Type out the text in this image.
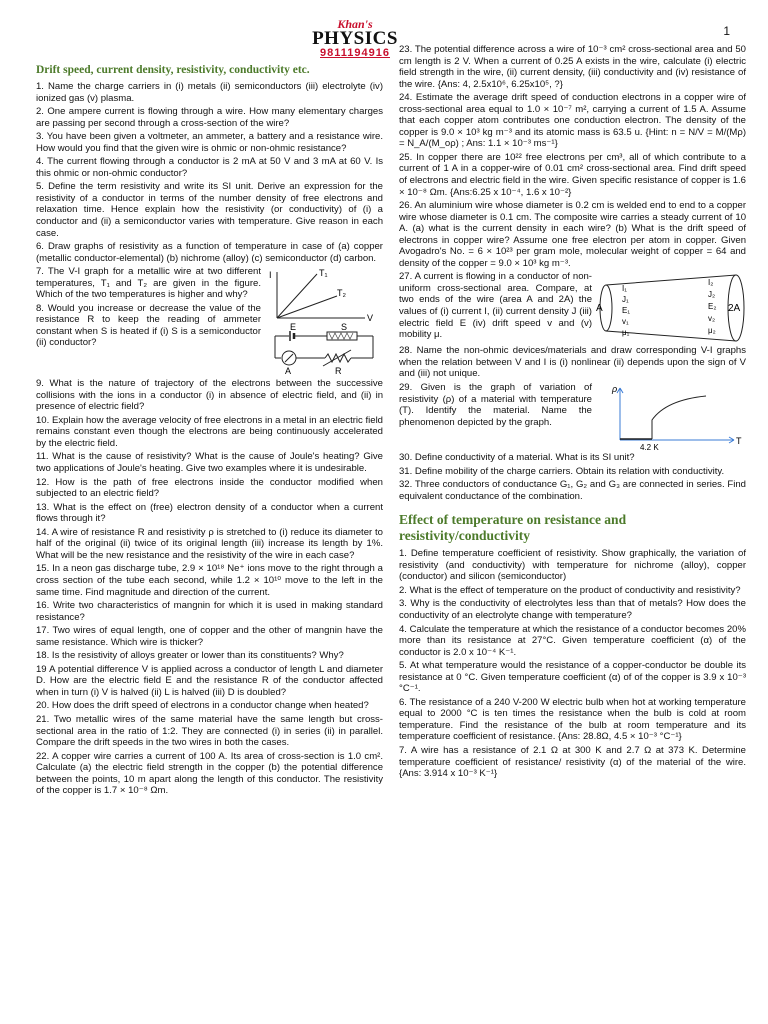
Khan's
PHYSICS
9811194916
1
Drift speed, current density, resistivity, conductivity etc.

1. Name the charge carriers in (i) metals (ii) semiconductors (iii) electrolyte (iv) ionized gas (v) plasma.

2. One ampere current is flowing through a wire. How many elementary charges are passing per second through a cross-section of the wire?

3. You have been given a voltmeter, an ammeter, a battery and a resistance wire. How would you find that the given wire is ohmic or non-ohmic resistance?

4. The current flowing through a conductor is 2 mA at 50 V and 3 mA at 60 V. Is this ohmic or non-ohmic conductor?

5. Define the term resistivity and write its SI unit. Derive an expression for the resistivity of a conductor in terms of the number density of free electrons and relaxation time. Hence explain how the resistivity (or conductivity) of (i) a conductor and (ii) a semiconductor varies with temperature. Give reason in each case.

6. Draw graphs of resistivity as a function of temperature in case of (a) copper (metallic conductor-elemental) (b) nichrome (alloy) (c) semiconductor (d) carbon.

7. The V-I graph for a metallic wire at two different temperatures, T₁ and T₂ are given in the figure. Which of the two temperatures is higher and why?

8. Would you increase or decrease the value of the resistance R to keep the reading of ammeter constant when S is heated if (i) S is a semiconductor (ii) conductor?

I	T₁
T₂
V
E	S
A	R

9. What is the nature of trajectory of the electrons between the successive collisions with the ions in a conductor (i) in absence of electric field, and (ii) in presence of electric field?

10. Explain how the average velocity of free electrons in a metal in an electric field remains constant even though the electrons are being continuously accelerated by the electric field.

11. What is the cause of resistivity? What is the cause of Joule's heating? Give two applications of Joule's heating. Give two examples where it is undesirable.

12. How is the path of free electrons inside the conductor modified when subjected to an electric field?

13. What is the effect on (free) electron density of a conductor when a current flows through it?

14. A wire of resistance R and resistivity ρ is stretched to (i) reduce its diameter to half of the original (ii) twice of its original length (iii) increase its length by 1%. What will be the new resistance and the resistivity of the wire in each case?

15. In a neon gas discharge tube, 2.9 × 10¹⁸ Ne⁺ ions move to the right through a cross section of the tube each second, while 1.2 × 10¹⁰ move to the left in the same time. Find magnitude and direction of the current.

16. Write two characteristics of mangnin for which it is used in making standard resistance?

17. Two wires of equal length, one of copper and the other of mangnin have the same resistance. Which wire is thicker?

18. Is the resistivity of alloys greater or lower than its constituents? Why?

19 A potential difference V is applied across a conductor of length L and diameter D. How are the electric field E and the resistance R of the conductor affected when in turn (i) V is halved (ii) L is halved (iii) D is doubled?

20. How does the drift speed of electrons in a conductor change when heated?

21. Two metallic wires of the same material have the same length but cross-sectional area in the ratio of 1:2. They are connected (i) in series (ii) in parallel. Compare the drift speeds in the two wires in both the cases.

22. A copper wire carries a current of 100 A. Its area of cross-section is 1.0 cm². Calculate (a) the electric field strength in the copper (b) the potential difference between the points, 10 m apart along the length of this conductor. The resistivity of the copper is 1.7 × 10⁻⁸ Ωm.

23. The potential difference across a wire of 10⁻³ cm² cross-sectional area and 50 cm length is 2 V. When a current of 0.25 A exists in the wire, calculate (i) electric field strength in the wire, (ii) current density, (iii) conductivity and (iv) resistance of the wire. {Ans: 4, 2.5x10⁶, 6.25x10⁵, ?}

24. Estimate the average drift speed of conduction electrons in a copper wire of cross-sectional area equal to 1.0 × 10⁻⁷ m², carrying a current of 1.5 A. Assume that each copper atom contributes one conduction electron. The density of the copper is 9.0 × 10³ kg m⁻³ and its atomic mass is 63.5 u. {Hint: n = N/V = M/(Mρ) = N_A/(M_oρ) ; Ans: 1.1 × 10⁻³ ms⁻¹}

25. In copper there are 10²² free electrons per cm³, all of which contribute to a current of 1 A in a copper-wire of 0.01 cm² cross-sectional area. Find drift speed of electrons and electric field in the wire. Given specific resistance of copper is 1.6 × 10⁻⁸ Ωm. {Ans:6.25 x 10⁻⁴, 1.6 x 10⁻²}

26. An aluminium wire whose diameter is 0.2 cm is welded end to end to a copper wire whose diameter is 0.1 cm. The composite wire carries a steady current of 10 A. (a) what is the current density in each wire? (b) What is the drift speed of electrons in copper wire? Assume one free electron per atom in copper. Given Avogadro's No. = 6 × 10²³ per gram mole, molecular weight of copper = 64 and density of the copper = 9.0 × 10³ kg m⁻³.

27. A current is flowing in a conductor of non-uniform cross-sectional area. Compare, at two ends of the wire (area A and 2A) the values of (i) current I, (ii) current density J (iii) electric field E (iv) drift speed v and (v) mobility μ.

A	2A
I₁
J₁
E₁
v₁
μ₁
I₂
J₂
E₂
v₂
μ₂

28. Name the non-ohmic devices/materials and draw corresponding V-I graphs when the relation between V and I is (i) nonlinear (ii) depends upon the sign of V and (iii) not unique.

29. Given is the graph of variation of resistivity (ρ) of a material with temperature (T). Identify the material. Name the phenomenon depicted by the graph.

ρ
T
4.2 K

30. Define conductivity of a material. What is its SI unit?

31. Define mobility of the charge carriers. Obtain its relation with conductivity.

32. Three conductors of conductance G₁, G₂ and G₃ are connected in series. Find equivalent conductance of the combination.

Effect of temperature on resistance and resistivity/conductivity

1. Define temperature coefficient of resistivity. Show graphically, the variation of resistivity (and conductivity) with temperature for nichrome (alloy), copper (conductor) and silicon (semiconductor)

2. What is the effect of temperature on the product of conductivity and resistivity?

3. Why is the conductivity of electrolytes less than that of metals? How does the conductivity of an electrolyte change with temperature?

4. Calculate the temperature at which the resistance of a conductor becomes 20% more than its resistance at 27°C. Given temperature coefficient (α) of the conductor is 2.0 x 10⁻⁴ K⁻¹.

5. At what temperature would the resistance of a copper-conductor be double its resistance at 0 °C. Given temperature coefficient (α) of of the copper is 3.9 x 10⁻³ °C⁻¹.

6. The resistance of a 240 V-200 W electric bulb when hot at working temperature equal to 2000 °C is ten times the resistance when the bulb is cold at room temperature. Find the resistance of the bulb at room temperature and its temperature coefficient of resistance. {Ans: 28.8Ω, 4.5 × 10⁻³ °C⁻¹}

7. A wire has a resistance of 2.1 Ω at 300 K and 2.7 Ω at 373 K. Determine temperature coefficient of resistance/ resistivity (α) of the material of the wire. {Ans: 3.914 x 10⁻³ K⁻¹}
